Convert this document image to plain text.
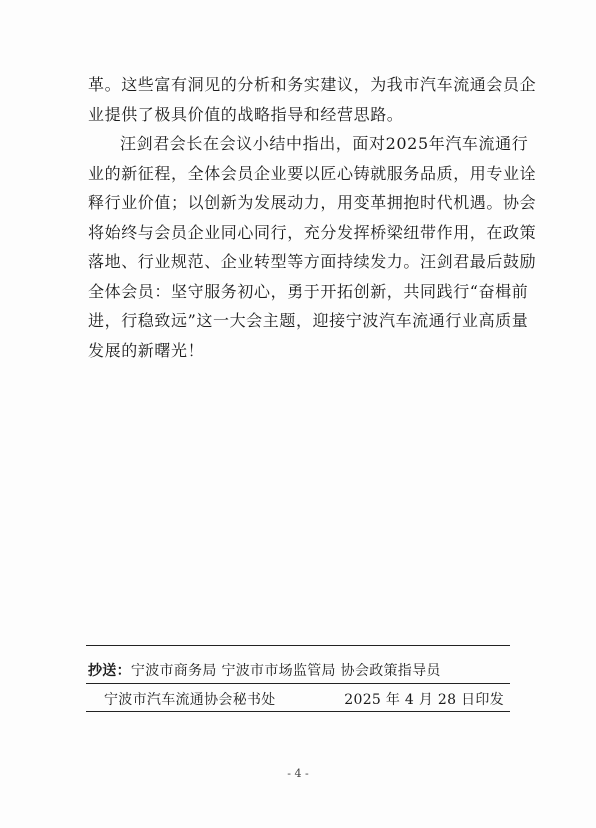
革。这些富有洞见的分析和务实建议，为我市汽车流通会员企
业提供了极具价值的战略指导和经营思路。

汪剑君会长在会议小结中指出，面对2025年汽车流通行
业的新征程，全体会员企业要以匠心铸就服务品质，用专业诠
释行业价值；以创新为发展动力，用变革拥抱时代机遇。协会
将始终与会员企业同心同行，充分发挥桥梁纽带作用，在政策
落地、行业规范、企业转型等方面持续发力。汪剑君最后鼓励
全体会员：坚守服务初心，勇于开拓创新，共同践行“奋楫前
进，行稳致远”这一大会主题，迎接宁波汽车流通行业高质量
发展的新曙光！

抄送：宁波市商务局 宁波市市场监管局 协会政策指导员
宁波市汽车流通协会秘书处	2025 年 4 月 28 日印发
- 4 -
